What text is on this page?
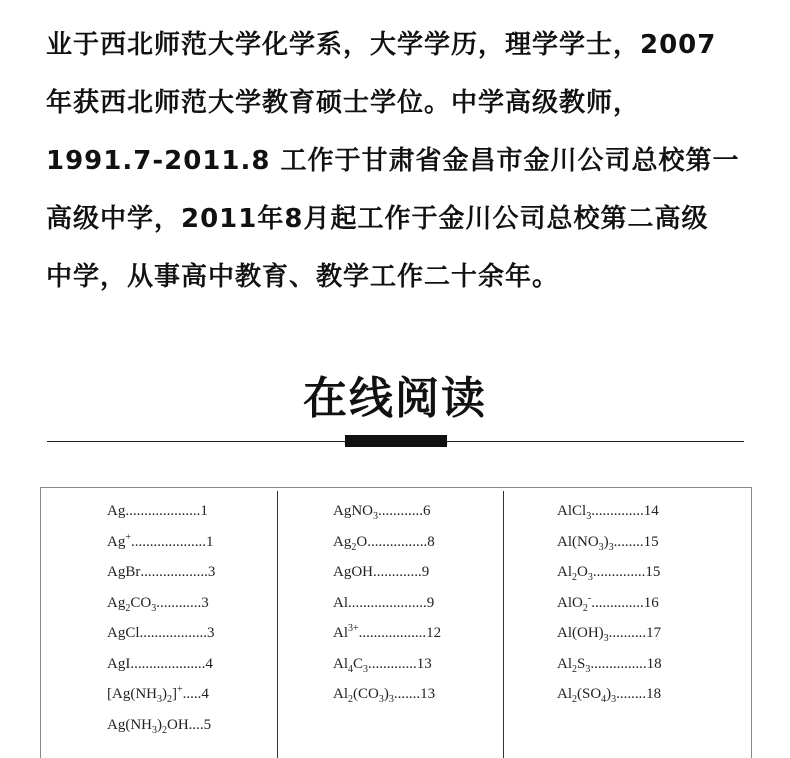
业于西北师范大学化学系，大学学历，理学学士，2007

年获西北师范大学教育硕士学位。中学高级教师，

1991.7-2011.8 工作于甘肃省金昌市金川公司总校第一

高级中学，2011年8月起工作于金川公司总校第二高级

中学，从事高中教育、教学工作二十余年。

在线阅读
Ag....................1
Ag+....................1
AgBr..................3
$Ag_2CO_3............3$
AgCl..................3
AgI....................4
$[Ag(NH_3)_2]^+.....4$
$Ag(NH_3)_2OH....5$
AgNO$_3$............6
$Ag_2O................8$
AgOH.............9
Al.....................9
$Al^{3+}..................12$
$Al_4C_3.............13$
$Al_2(CO_3)_3.......13$
AlCl$_3$..............14
$Al(NO_3)_3........15$
$Al_2O_3..............15$
AlO$_2$-..............16
$Al(OH)_3..........17$
$Al_2S_3...............18$
$Al_2(SO_4)_3........18$
